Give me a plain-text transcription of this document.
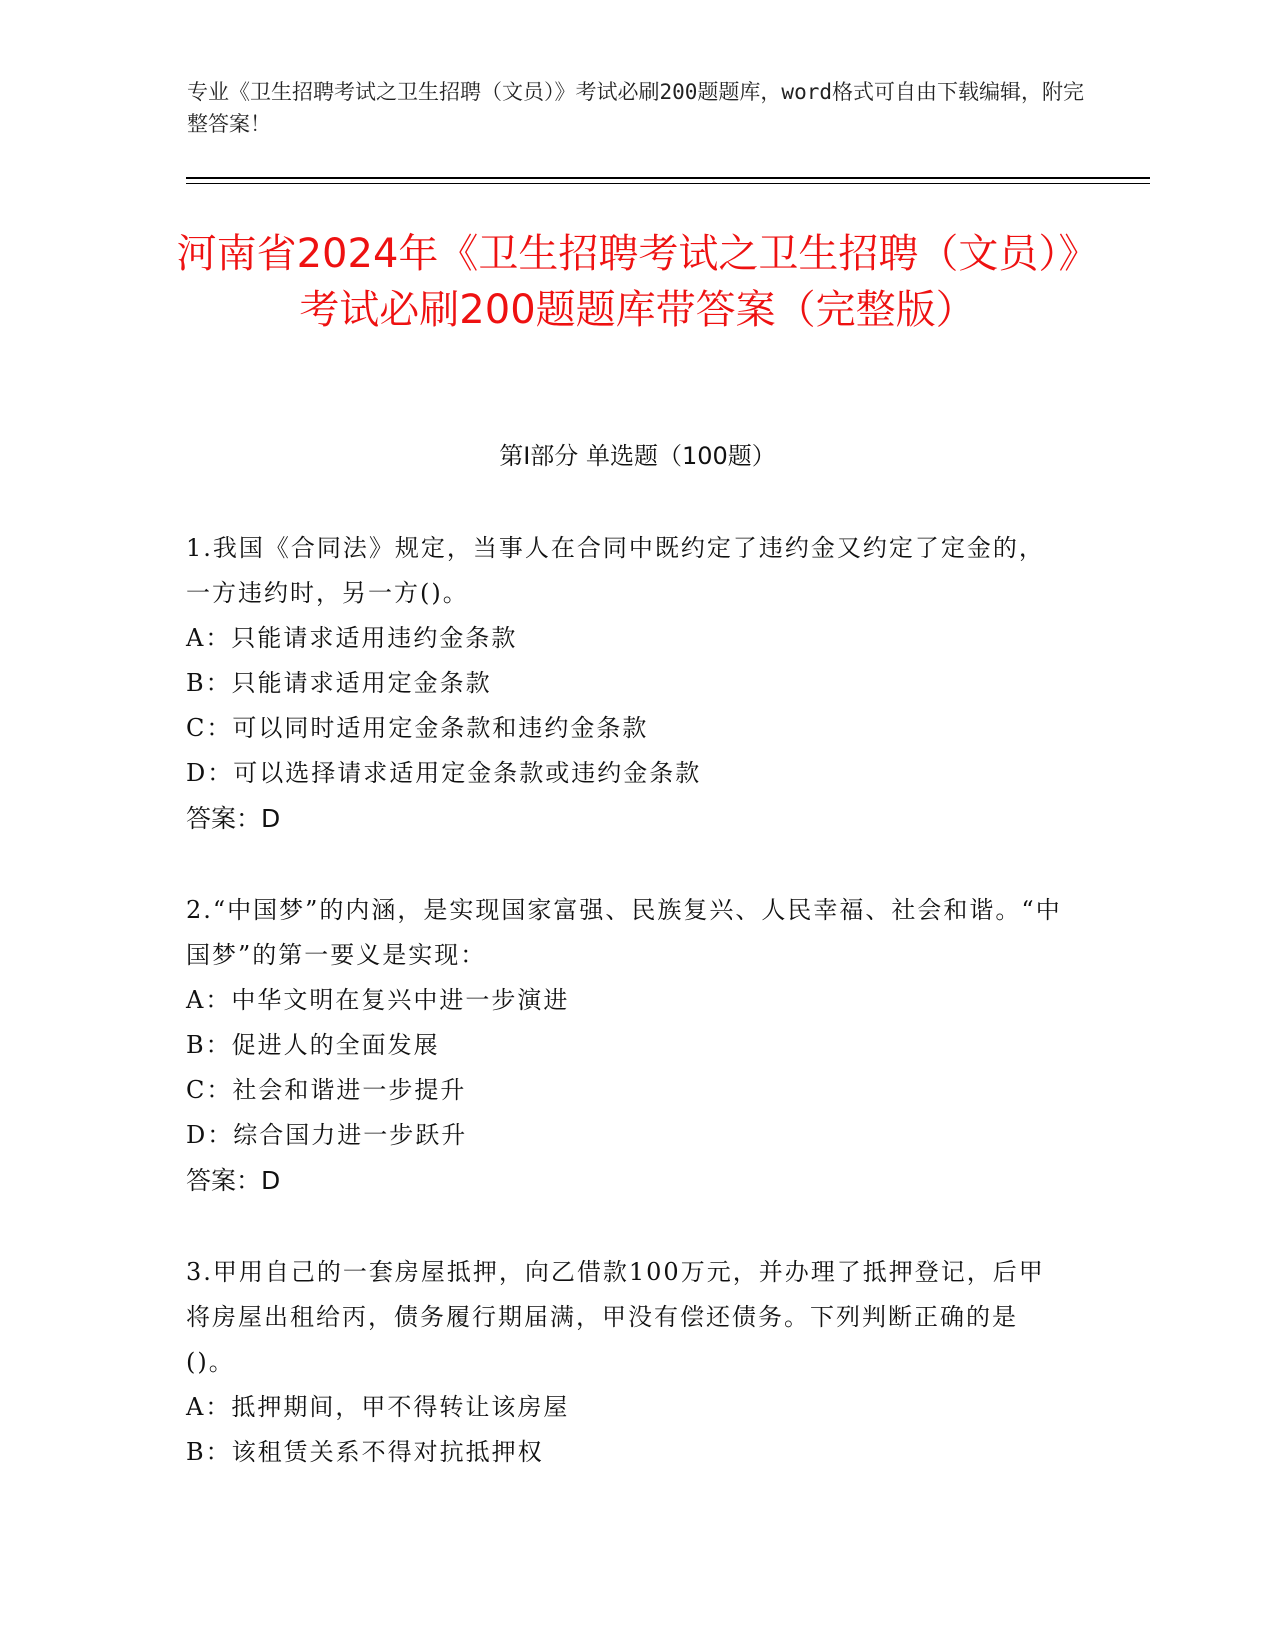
专业《卫生招聘考试之卫生招聘（文员）》考试必刷200题题库，word格式可自由下载编辑，附完整答案！
河南省2024年《卫生招聘考试之卫生招聘（文员）》考试必刷200题题库带答案（完整版）
第Ⅰ部分 单选题（100题）
1.我国《合同法》规定，当事人在合同中既约定了违约金又约定了定金的，一方违约时，另一方()。
A：只能请求适用违约金条款
B：只能请求适用定金条款
C：可以同时适用定金条款和违约金条款
D：可以选择请求适用定金条款或违约金条款
答案：D
2.“中国梦”的内涵，是实现国家富强、民族复兴、人民幸福、社会和谐。“中国梦”的第一要义是实现：
A：中华文明在复兴中进一步演进
B：促进人的全面发展
C：社会和谐进一步提升
D：综合国力进一步跃升
答案：D
3.甲用自己的一套房屋抵押，向乙借款100万元，并办理了抵押登记，后甲将房屋出租给丙，债务履行期届满，甲没有偿还债务。下列判断正确的是()。
A：抵押期间，甲不得转让该房屋
B：该租赁关系不得对抗抵押权
